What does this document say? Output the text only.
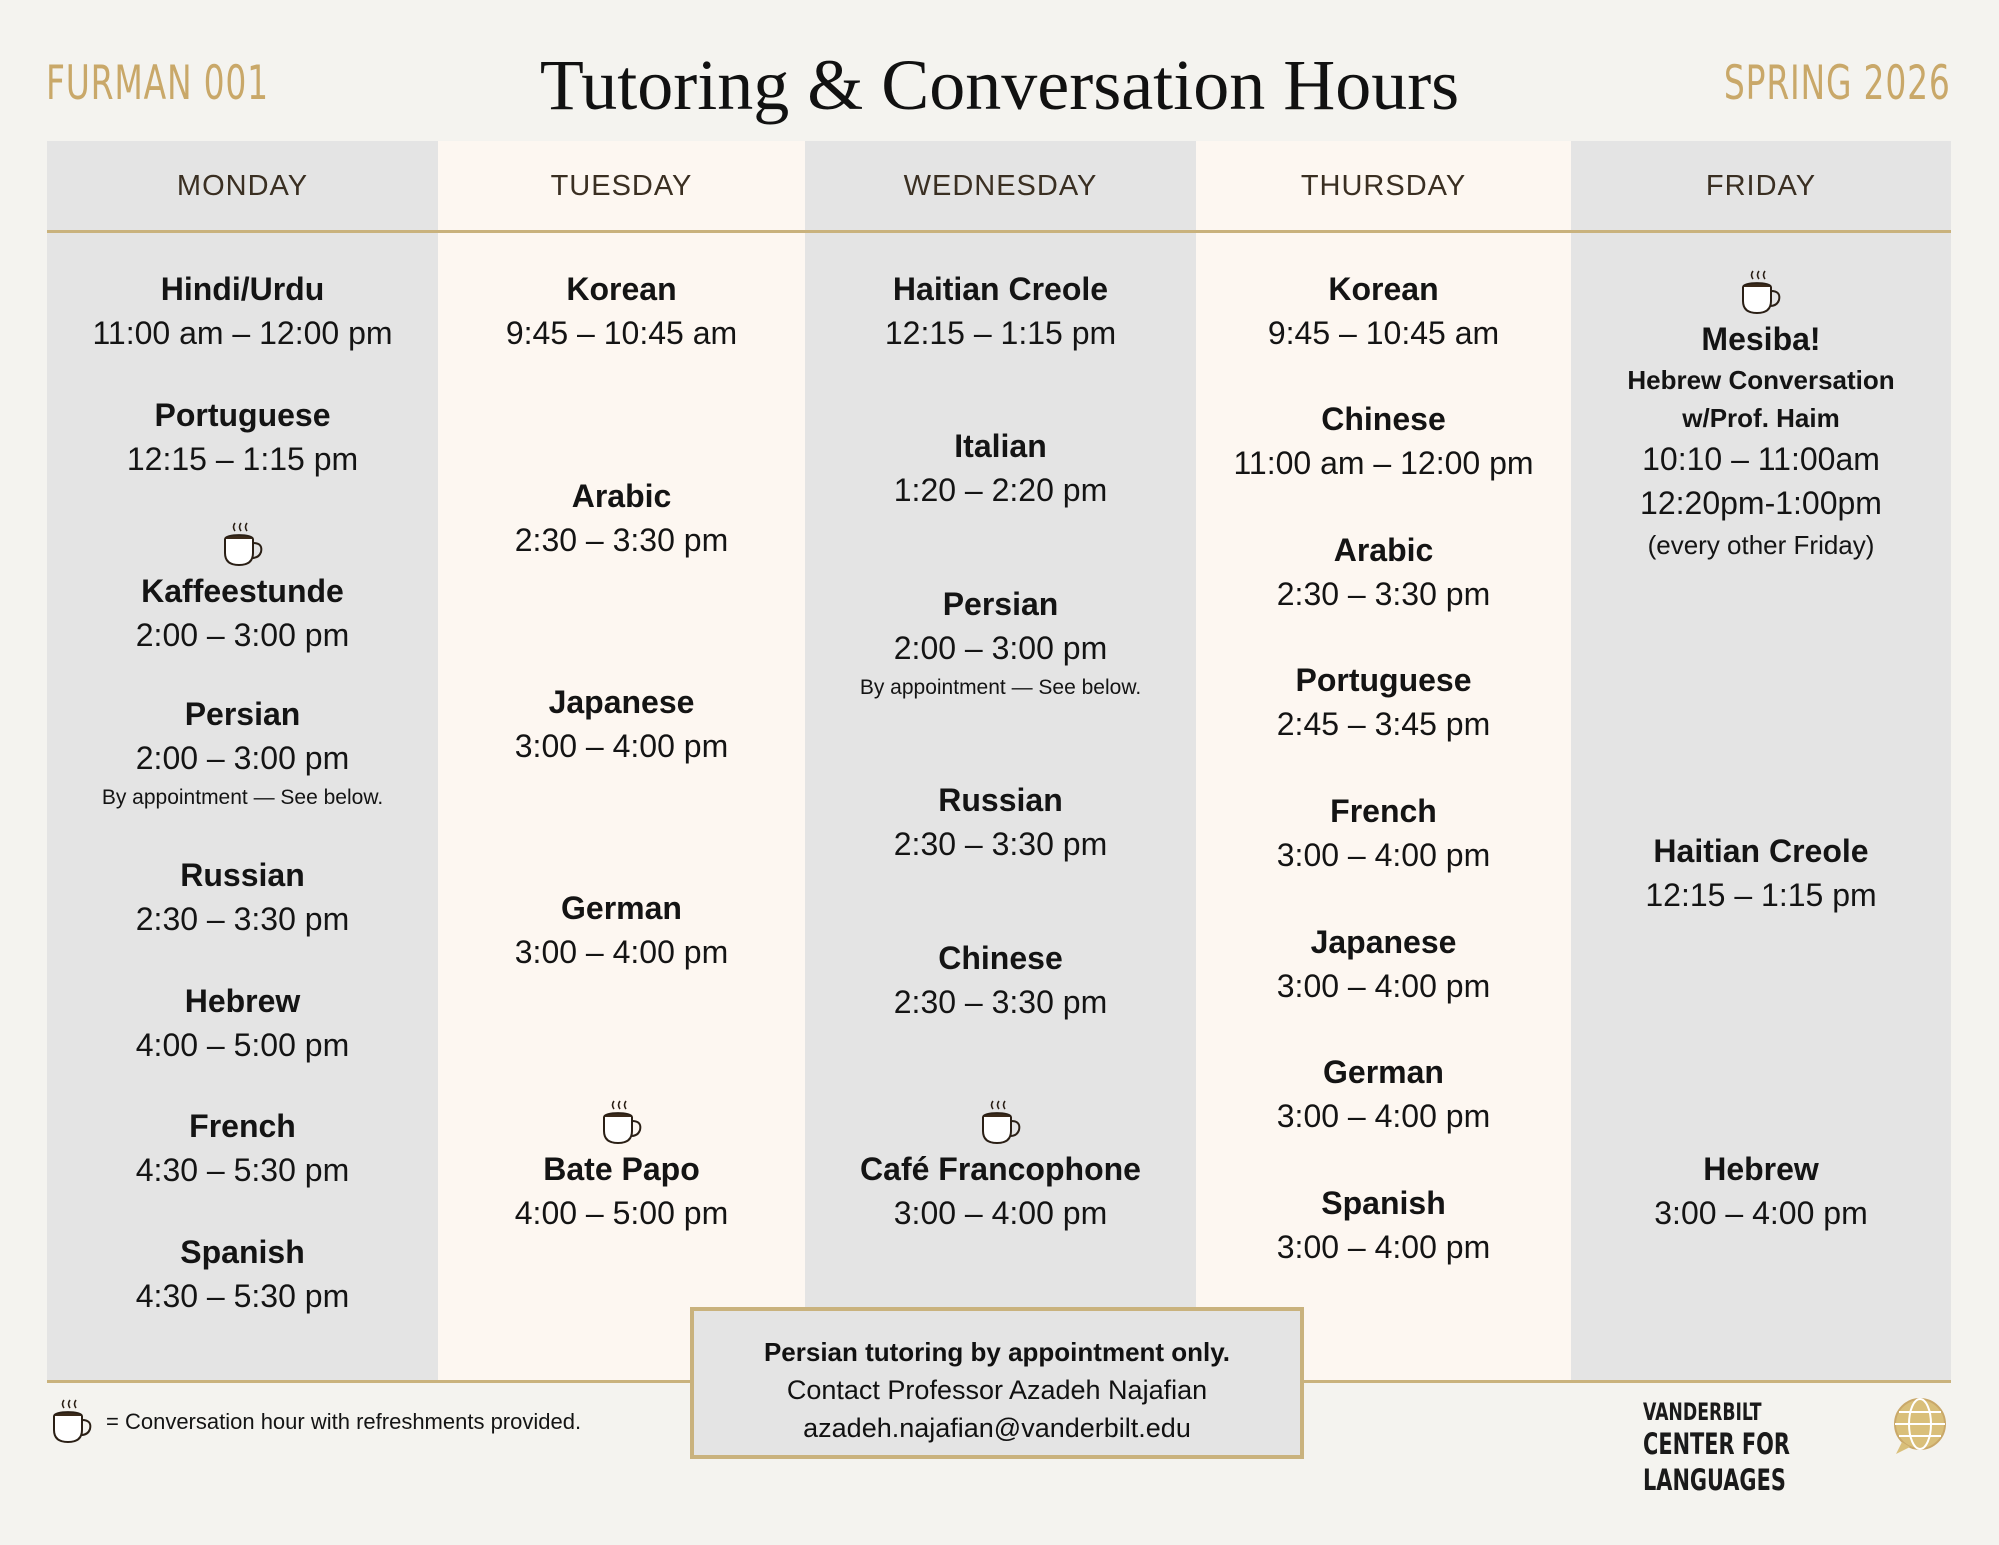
FURMAN 001	Tutoring & Conversation Hours	SPRING 2026
MONDAY
Hindi/Urdu
11:00 am – 12:00 pm
Portuguese
12:15 – 1:15 pm
Kaffeestunde
2:00 – 3:00 pm
Persian
2:00 – 3:00 pm
By appointment — See below.
Russian
2:30 – 3:30 pm
Hebrew
4:00 – 5:00 pm
French
4:30 – 5:30 pm
Spanish
4:30 – 5:30 pm
TUESDAY
Korean
9:45 – 10:45 am
Arabic
2:30 – 3:30 pm
Japanese
3:00 – 4:00 pm
German
3:00 – 4:00 pm
Bate Papo
4:00 – 5:00 pm
WEDNESDAY
Haitian Creole
12:15 – 1:15 pm
Italian
1:20 – 2:20 pm
Persian
2:00 – 3:00 pm
By appointment — See below.
Russian
2:30 – 3:30 pm
Chinese
2:30 – 3:30 pm
Café Francophone
3:00 – 4:00 pm
THURSDAY
Korean
9:45 – 10:45 am
Chinese
11:00 am – 12:00 pm
Arabic
2:30 – 3:30 pm
Portuguese
2:45 – 3:45 pm
French
3:00 – 4:00 pm
Japanese
3:00 – 4:00 pm
German
3:00 – 4:00 pm
Spanish
3:00 – 4:00 pm
FRIDAY
Mesiba!
Hebrew Conversation
w/Prof. Haim
10:10 – 11:00am
12:20pm-1:00pm
(every other Friday)
Haitian Creole
12:15 – 1:15 pm
Hebrew
3:00 – 4:00 pm
Persian tutoring by appointment only.
Contact Professor Azadeh Najafian
azadeh.najafian@vanderbilt.edu
= Conversation hour with refreshments provided.	VANDERBILT
CENTER FOR LANGUAGES
